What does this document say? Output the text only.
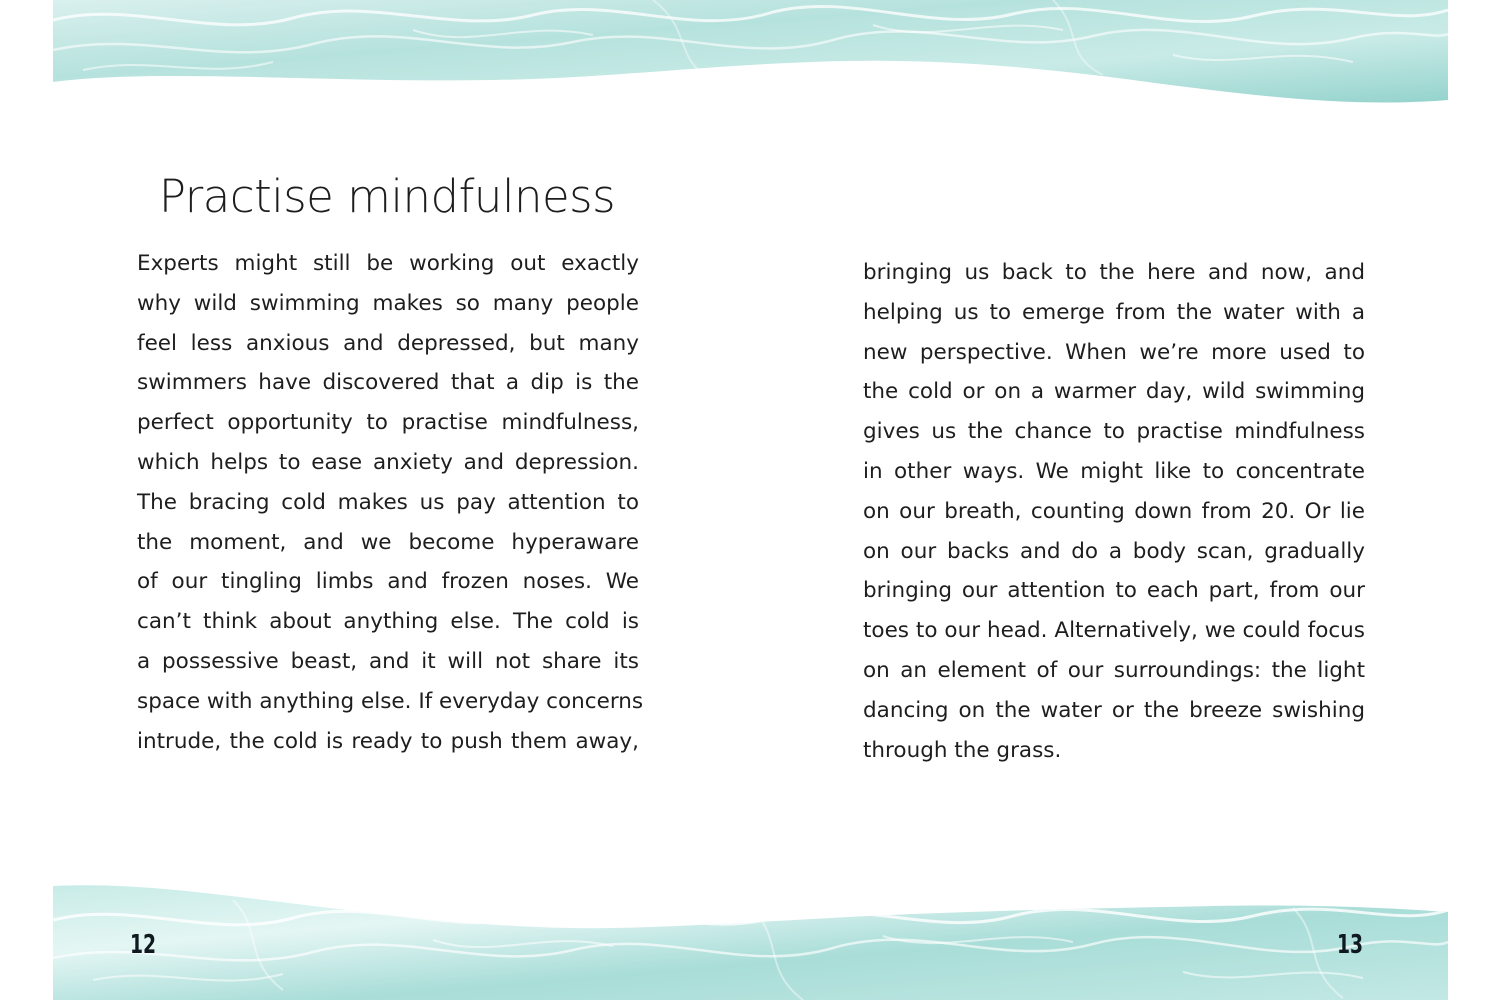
Practise mindfulness
Experts might still be working out exactly
why wild swimming makes so many people
feel less anxious and depressed, but many
swimmers have discovered that a dip is the
perfect opportunity to practise mindfulness,
which helps to ease anxiety and depression.
The bracing cold makes us pay attention to
the moment, and we become hyperaware
of our tingling limbs and frozen noses. We
can’t think about anything else. The cold is
a possessive beast, and it will not share its
space with anything else. If everyday concerns
intrude, the cold is ready to push them away,
bringing us back to the here and now, and
helping us to emerge from the water with a
new perspective. When we’re more used to
the cold or on a warmer day, wild swimming
gives us the chance to practise mindfulness
in other ways. We might like to concentrate
on our breath, counting down from 20. Or lie
on our backs and do a body scan, gradually
bringing our attention to each part, from our
toes to our head. Alternatively, we could focus
on an element of our surroundings: the light
dancing on the water or the breeze swishing
through the grass.
12	13
